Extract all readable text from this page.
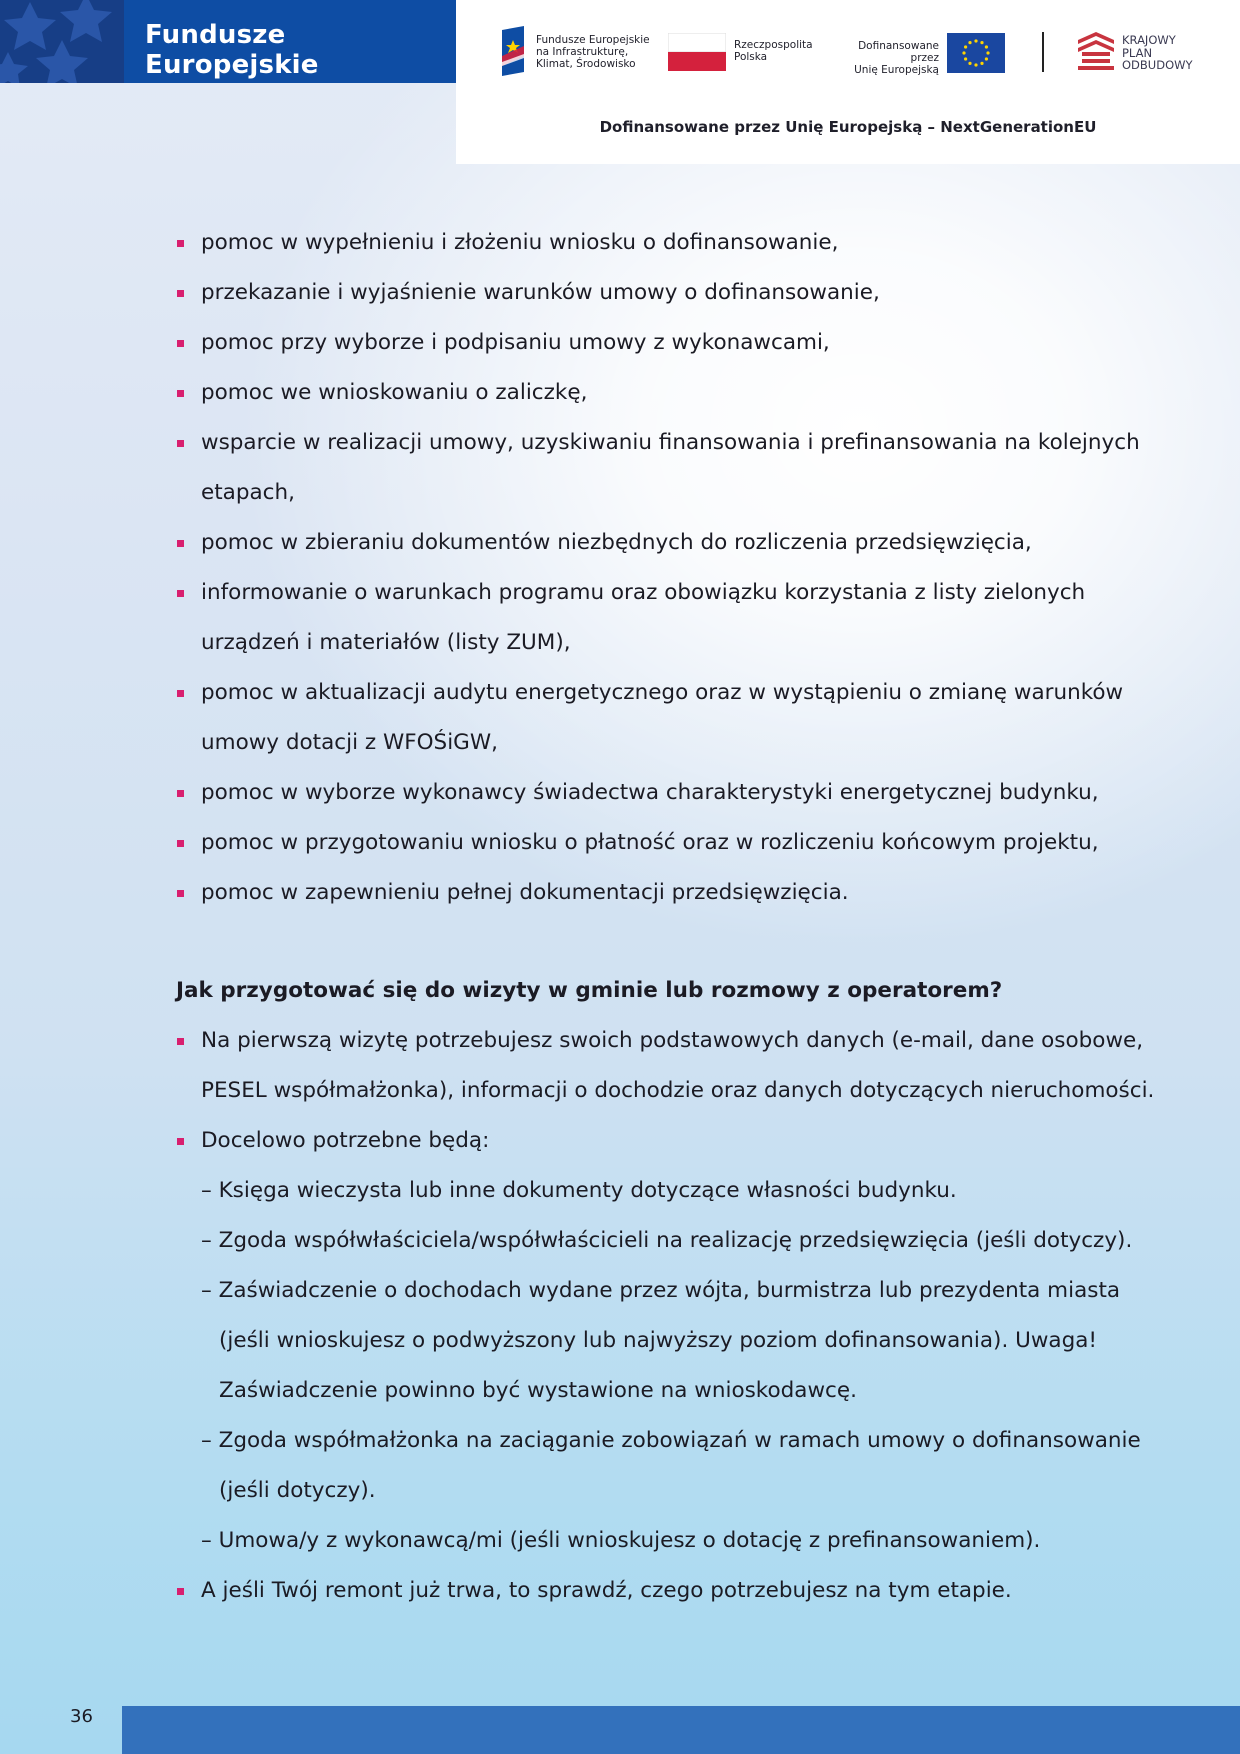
Fundusze Europejskie
Fundusze Europejskie
na Infrastrukturę,
Klimat, Środowisko
Rzeczpospolita
Polska
Dofinansowane przez
Unię Europejską
KRAJOWY
PLAN
ODBUDOWY
Dofinansowane przez Unię Europejską – NextGenerationEU
pomoc w wypełnieniu i złożeniu wniosku o dofinansowanie,
przekazanie i wyjaśnienie warunków umowy o dofinansowanie,
pomoc przy wyborze i podpisaniu umowy z wykonawcami,
pomoc we wnioskowaniu o zaliczkę,
wsparcie w realizacji umowy, uzyskiwaniu finansowania i prefinansowania na kolejnych etapach,
pomoc w zbieraniu dokumentów niezbędnych do rozliczenia przedsięwzięcia,
informowanie o warunkach programu oraz obowiązku korzystania z listy zielonych urządzeń i materiałów (listy ZUM),
pomoc w aktualizacji audytu energetycznego oraz w wystąpieniu o zmianę warunków umowy dotacji z WFOŚiGW,
pomoc w wyborze wykonawcy świadectwa charakterystyki energetycznej budynku,
pomoc w przygotowaniu wniosku o płatność oraz w rozliczeniu końcowym projektu,
pomoc w zapewnieniu pełnej dokumentacji przedsięwzięcia.
Jak przygotować się do wizyty w gminie lub rozmowy z operatorem?
Na pierwszą wizytę potrzebujesz swoich podstawowych danych (e-mail, dane osobowe, PESEL współmałżonka), informacji o dochodzie oraz danych dotyczących nieruchomości.
Docelowo potrzebne będą:
– Księga wieczysta lub inne dokumenty dotyczące własności budynku.
– Zgoda współwłaściciela/współwłaścicieli na realizację przedsięwzięcia (jeśli dotyczy).
– Zaświadczenie o dochodach wydane przez wójta, burmistrza lub prezydenta miasta (jeśli wnioskujesz o podwyższony lub najwyższy poziom dofinansowania). Uwaga! Zaświadczenie powinno być wystawione na wnioskodawcę.
– Zgoda współmałżonka na zaciąganie zobowiązań w ramach umowy o dofinansowanie (jeśli dotyczy).
– Umowa/y z wykonawcą/mi (jeśli wnioskujesz o dotację z prefinansowaniem).
A jeśli Twój remont już trwa, to sprawdź, czego potrzebujesz na tym etapie.
36
